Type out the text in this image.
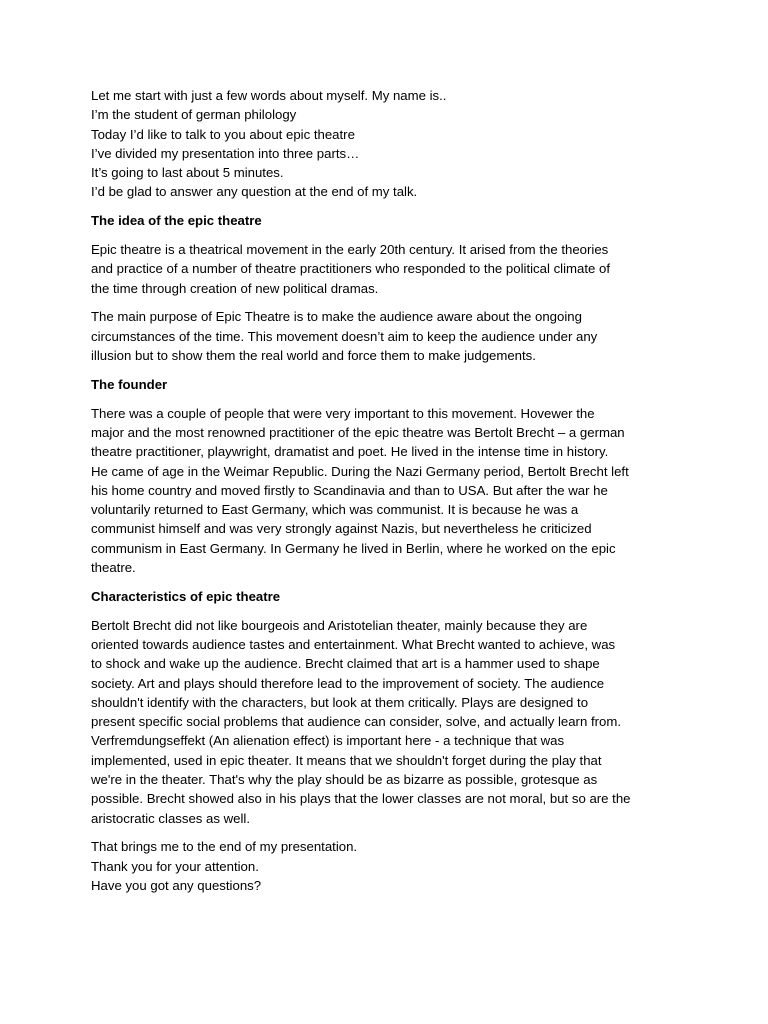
Let me start with just a few words about myself. My name is..

I’m the student of german philology

Today I’d like to talk to you about epic theatre

I’ve divided my presentation into three parts…

It’s going to last about 5 minutes.

I’d be glad to answer any question at the end of my talk.

The idea of the epic theatre

Epic theatre is a theatrical movement in the early 20th century. It arised from the theories

and practice of a number of theatre practitioners who responded to the political climate of

the time through creation of new political dramas.

The main purpose of Epic Theatre is to make the audience aware about the ongoing

circumstances of the time. This movement doesn’t aim to keep the audience under any

illusion but to show them the real world and force them to make judgements.

The founder

There was a couple of people that were very important to this movement. Hovewer the

major and the most renowned practitioner of the epic theatre was Bertolt Brecht – a german

theatre practitioner, playwright, dramatist and poet. He lived in the intense time in history.

He came of age in the Weimar Republic. During the Nazi Germany period, Bertolt Brecht left

his home country and moved firstly to Scandinavia and than to USA. But after the war he

voluntarily returned to East Germany, which was communist. It is because he was a

communist himself and was very strongly against Nazis, but nevertheless he criticized

communism in East Germany. In Germany he lived in Berlin, where he worked on the epic

theatre.

Characteristics of epic theatre

Bertolt Brecht did not like bourgeois and Aristotelian theater, mainly because they are

oriented towards audience tastes and entertainment. What Brecht wanted to achieve, was

to shock and wake up the audience. Brecht claimed that art is a hammer used to shape

society. Art and plays should therefore lead to the improvement of society. The audience

shouldn't identify with the characters, but look at them critically. Plays are designed to

present specific social problems that audience can consider, solve, and actually learn from.

Verfremdungseffekt (An alienation effect) is important here - a technique that was

implemented, used in epic theater. It means that we shouldn't forget during the play that

we're in the theater. That's why the play should be as bizarre as possible, grotesque as

possible. Brecht showed also in his plays that the lower classes are not moral, but so are the

aristocratic classes as well.

That brings me to the end of my presentation.

Thank you for your attention.

Have you got any questions?
